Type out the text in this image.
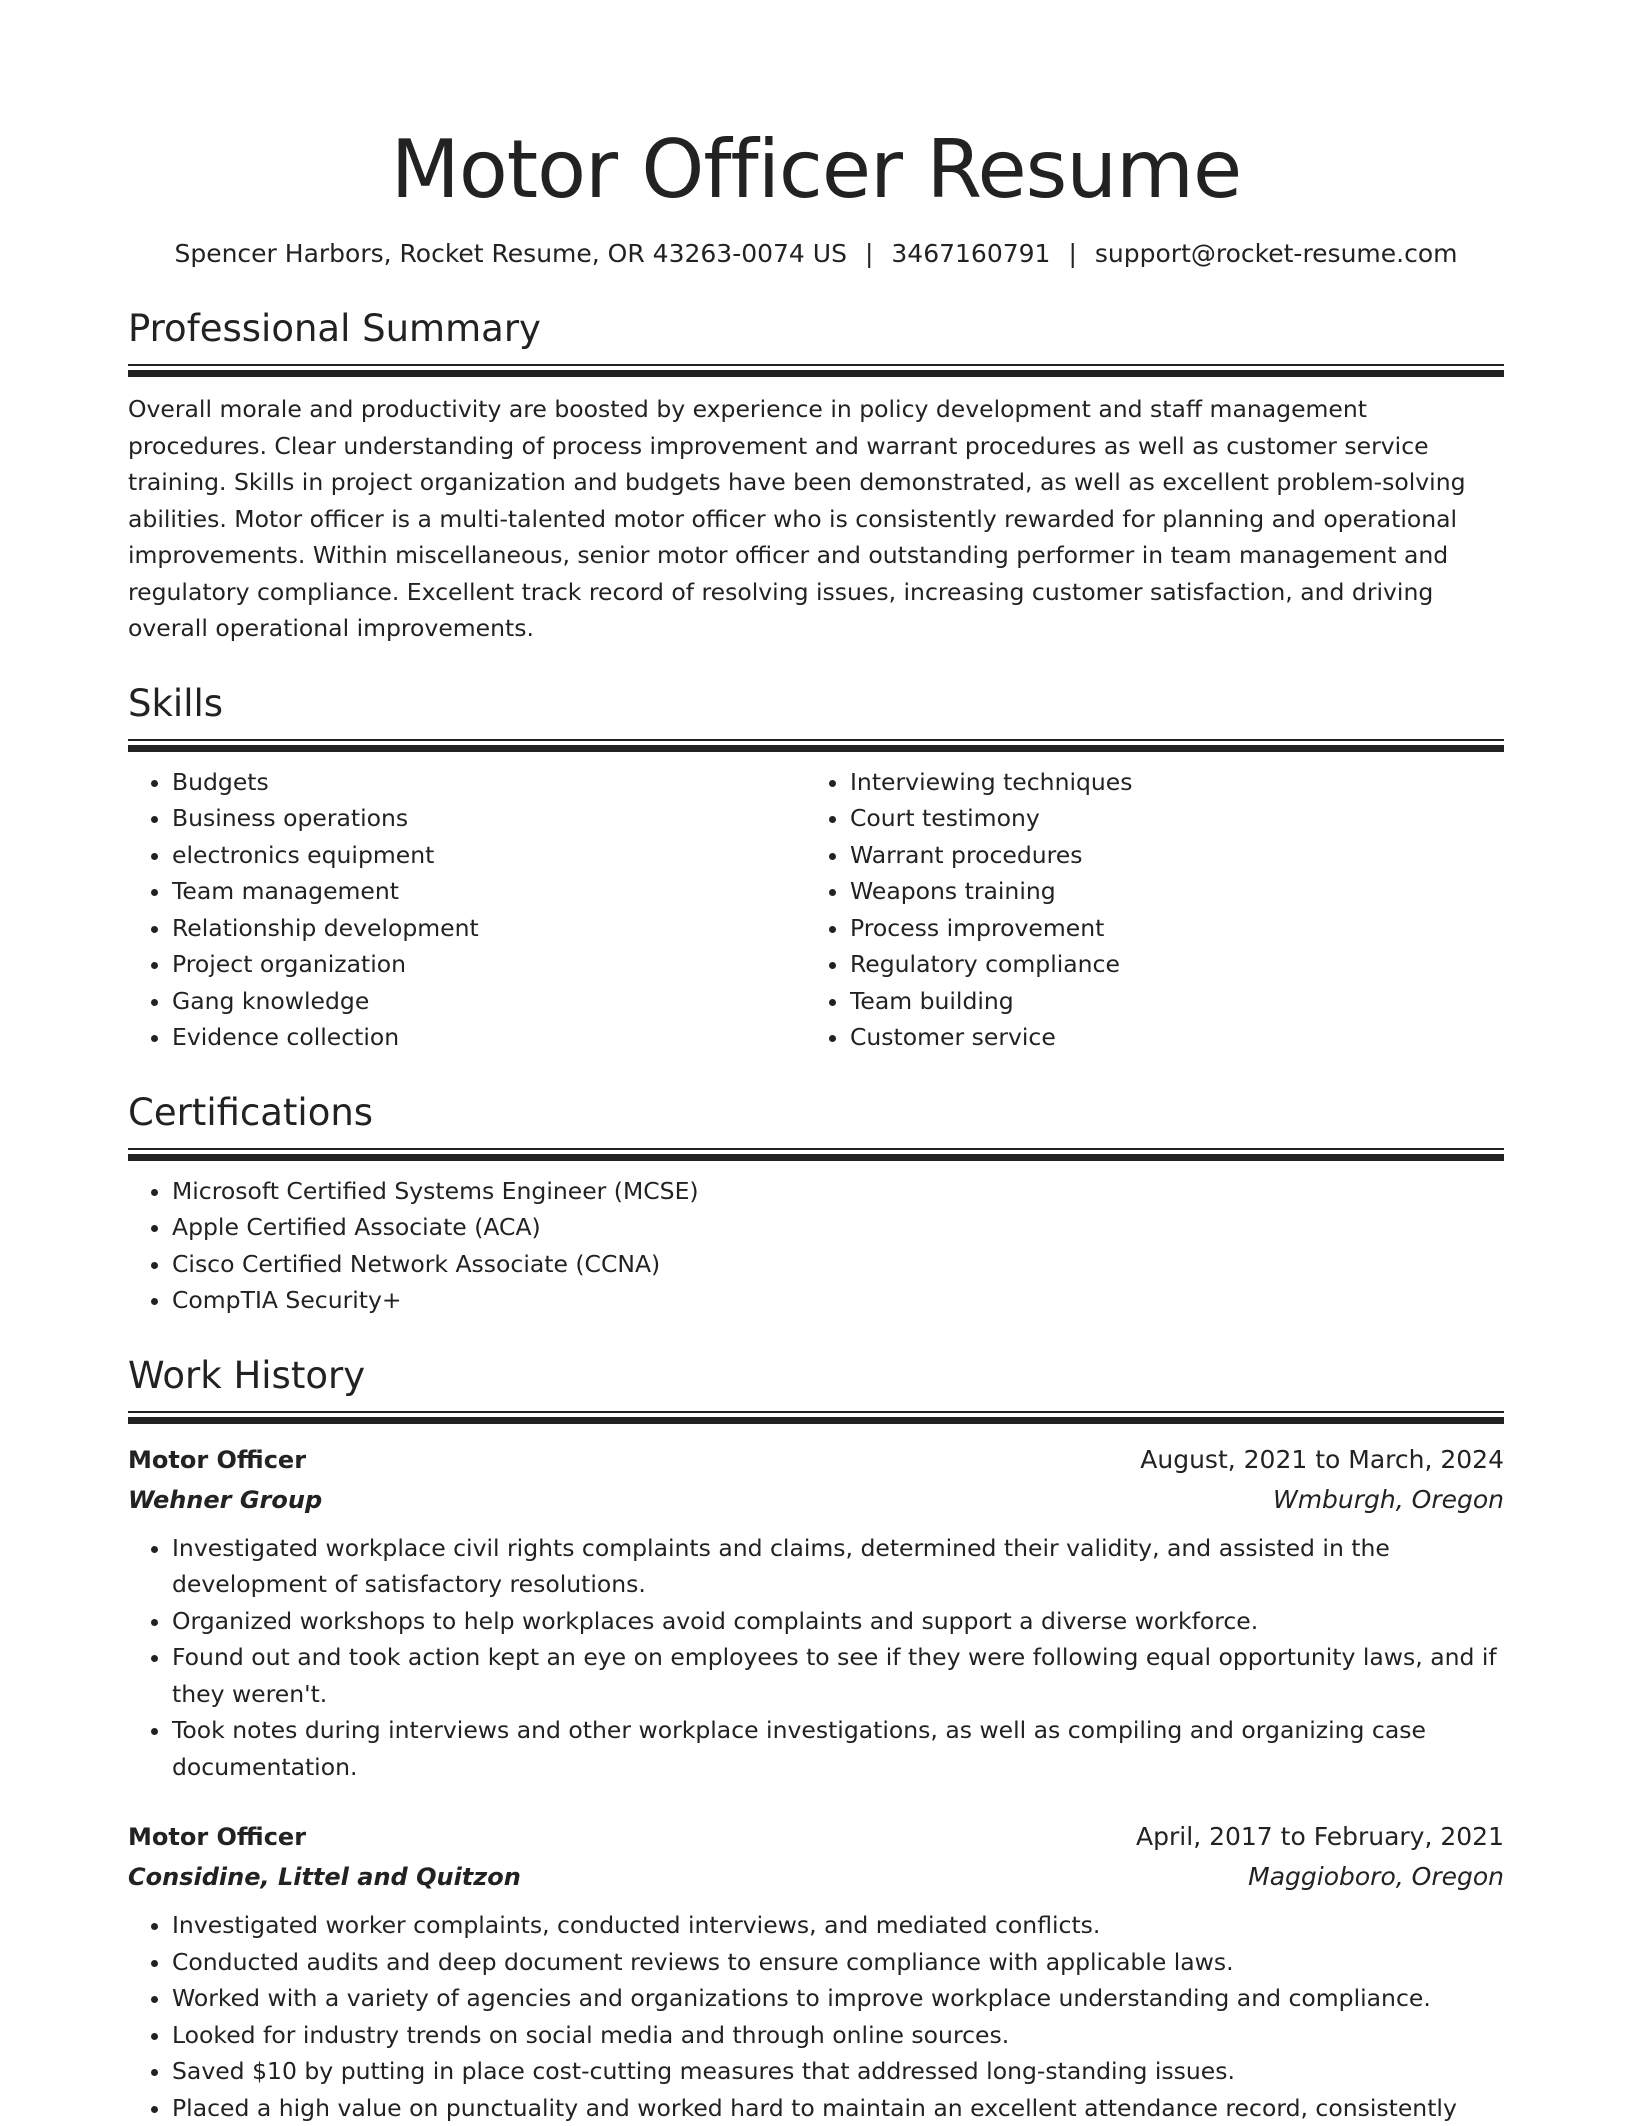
Motor Officer Resume
Spencer Harbors, Rocket Resume, OR 43263-0074 US | 3467160791 | support@rocket-resume.com
Professional Summary
Overall morale and productivity are boosted by experience in policy development and staff management procedures. Clear understanding of process improvement and warrant procedures as well as customer service training. Skills in project organization and budgets have been demonstrated, as well as excellent problem-solving abilities. Motor officer is a multi-talented motor officer who is consistently rewarded for planning and operational improvements. Within miscellaneous, senior motor officer and outstanding performer in team management and regulatory compliance. Excellent track record of resolving issues, increasing customer satisfaction, and driving overall operational improvements.
Skills
• Budgets
• Business operations
• electronics equipment
• Team management
• Relationship development
• Project organization
• Gang knowledge
• Evidence collection
• Interviewing techniques
• Court testimony
• Warrant procedures
• Weapons training
• Process improvement
• Regulatory compliance
• Team building
• Customer service
Certifications
• Microsoft Certified Systems Engineer (MCSE)
• Apple Certified Associate (ACA)
• Cisco Certified Network Associate (CCNA)
• CompTIA Security+
Work History
Motor Officer	August, 2021 to March, 2024
Wehner Group	Wmburgh, Oregon
• Investigated workplace civil rights complaints and claims, determined their validity, and assisted in the development of satisfactory resolutions.
• Organized workshops to help workplaces avoid complaints and support a diverse workforce.
• Found out and took action kept an eye on employees to see if they were following equal opportunity laws, and if they weren't.
• Took notes during interviews and other workplace investigations, as well as compiling and organizing case documentation.
Motor Officer	April, 2017 to February, 2021
Considine, Littel and Quitzon	Maggioboro, Oregon
• Investigated worker complaints, conducted interviews, and mediated conflicts.
• Conducted audits and deep document reviews to ensure compliance with applicable laws.
• Worked with a variety of agencies and organizations to improve workplace understanding and compliance.
• Looked for industry trends on social media and through online sources.
• Saved $10 by putting in place cost-cutting measures that addressed long-standing issues.
• Placed a high value on punctuality and worked hard to maintain an excellent attendance record, consistently
